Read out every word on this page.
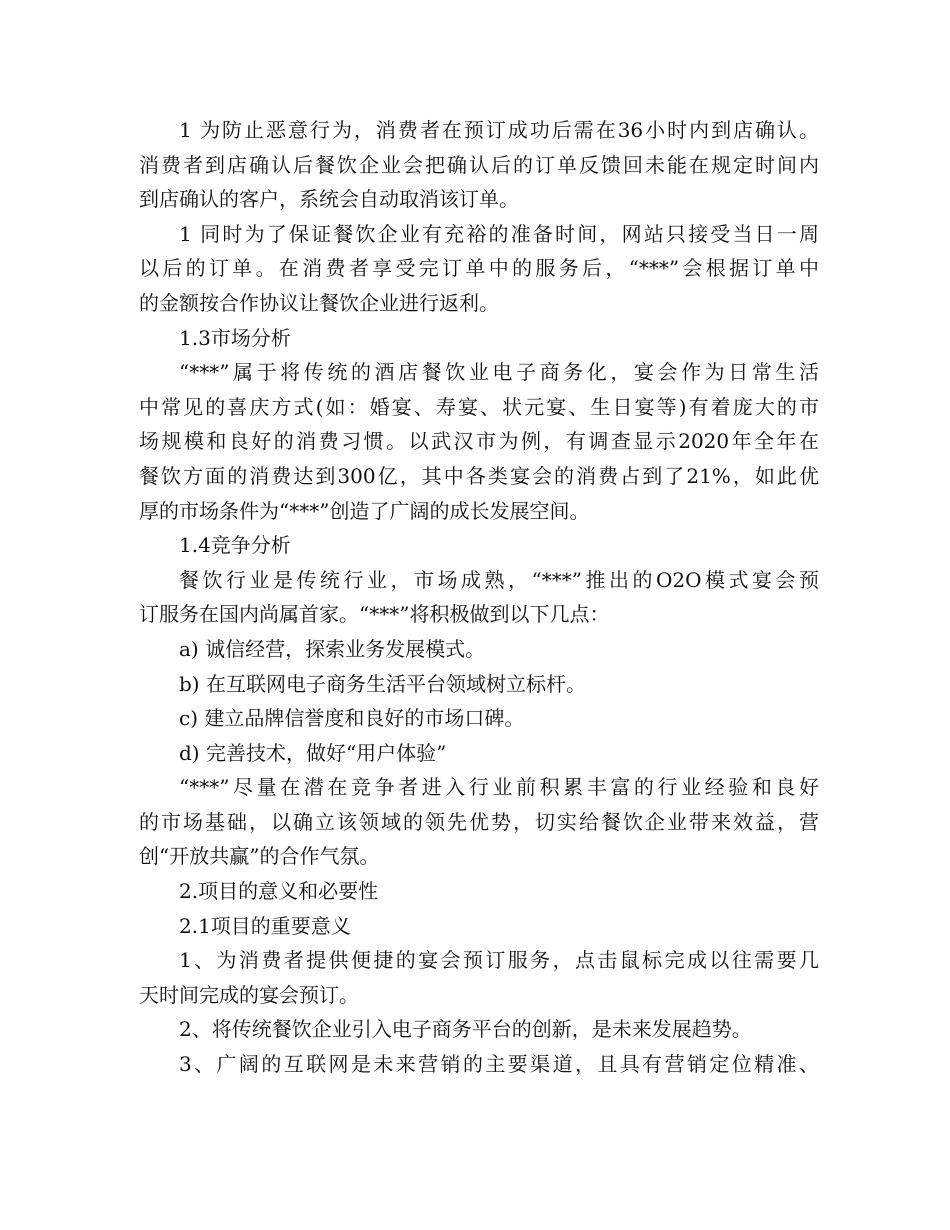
1 为防止恶意行为，消费者在预订成功后需在36小时内到店确认。
消费者到店确认后餐饮企业会把确认后的订单反馈回未能在规定时间内
到店确认的客户，系统会自动取消该订单。
1 同时为了保证餐饮企业有充裕的准备时间，网站只接受当日一周
以后的订单。在消费者享受完订单中的服务后，“***”会根据订单中
的金额按合作协议让餐饮企业进行返利。
1.3市场分析
“***”属于将传统的酒店餐饮业电子商务化，宴会作为日常生活
中常见的喜庆方式(如：婚宴、寿宴、状元宴、生日宴等)有着庞大的市
场规模和良好的消费习惯。以武汉市为例，有调查显示2020年全年在
餐饮方面的消费达到300亿，其中各类宴会的消费占到了21%，如此优
厚的市场条件为“***”创造了广阔的成长发展空间。
1.4竞争分析
餐饮行业是传统行业，市场成熟，“***”推出的O2O模式宴会预
订服务在国内尚属首家。“***”将积极做到以下几点：
a) 诚信经营，探索业务发展模式。
b) 在互联网电子商务生活平台领域树立标杆。
c) 建立品牌信誉度和良好的市场口碑。
d) 完善技术，做好“用户体验”
“***”尽量在潜在竞争者进入行业前积累丰富的行业经验和良好
的市场基础，以确立该领域的领先优势，切实给餐饮企业带来效益，营
创“开放共赢”的合作气氛。
2.项目的意义和必要性
2.1项目的重要意义
1、为消费者提供便捷的宴会预订服务，点击鼠标完成以往需要几
天时间完成的宴会预订。
2、将传统餐饮企业引入电子商务平台的创新，是未来发展趋势。
3、广阔的互联网是未来营销的主要渠道，且具有营销定位精准、
